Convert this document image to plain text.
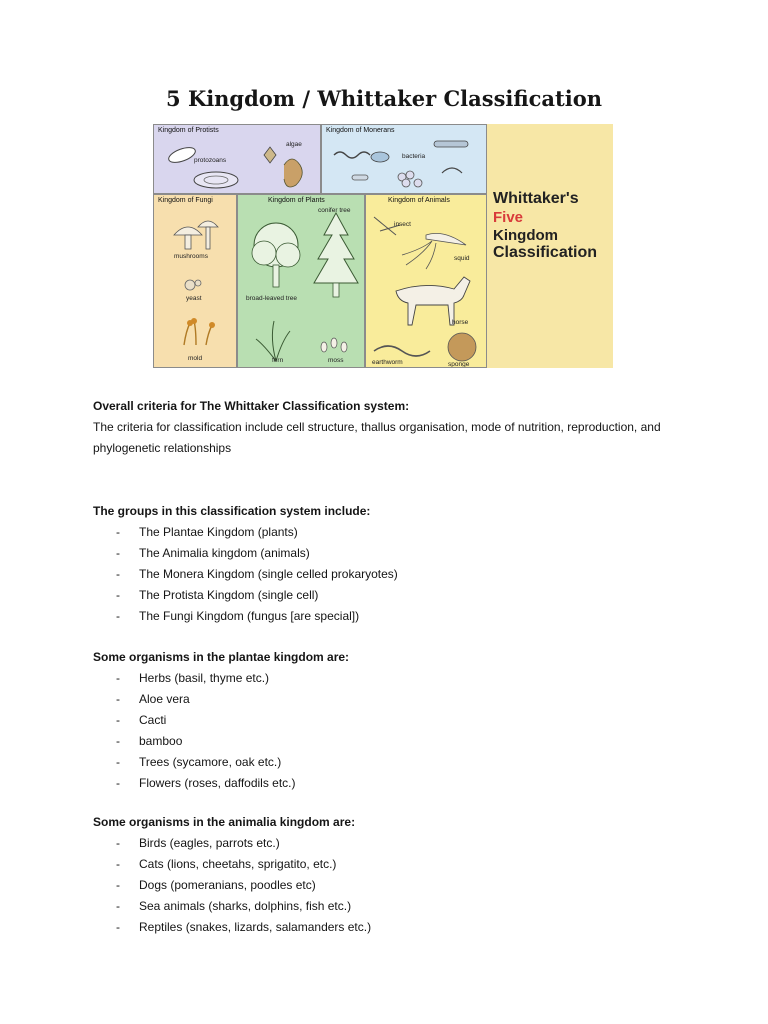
5 Kingdom / Whittaker Classification
Kingdom of Protists
protozoans
algae
Kingdom of Monerans
bacteria
Kingdom of Fungi
mushrooms
yeast
mold
Kingdom of Plants
conifer tree
broad-leaved tree
fern	moss
Kingdom of Animals
insect
squid
horse
earthworm	sponge
Whittaker's
Five
Kingdom
Classification
Overall criteria for The Whittaker Classification system:

The criteria for classification include cell structure, thallus organisation, mode of nutrition, reproduction, and phylogenetic relationships

The groups in this classification system include:
- The Plantae Kingdom (plants)
- The Animalia kingdom (animals)
- The Monera Kingdom (single celled prokaryotes)
- The Protista Kingdom (single cell)
- The Fungi Kingdom (fungus [are special])
Some organisms in the plantae kingdom are:
- Herbs (basil, thyme etc.)
- Aloe vera
- Cacti
- bamboo
- Trees (sycamore, oak etc.)
- Flowers (roses, daffodils etc.)
Some organisms in the animalia kingdom are:
- Birds (eagles, parrots etc.)
- Cats (lions, cheetahs, sprigatito, etc.)
- Dogs (pomeranians, poodles etc)
- Sea animals (sharks, dolphins, fish etc.)
- Reptiles (snakes, lizards, salamanders etc.)
